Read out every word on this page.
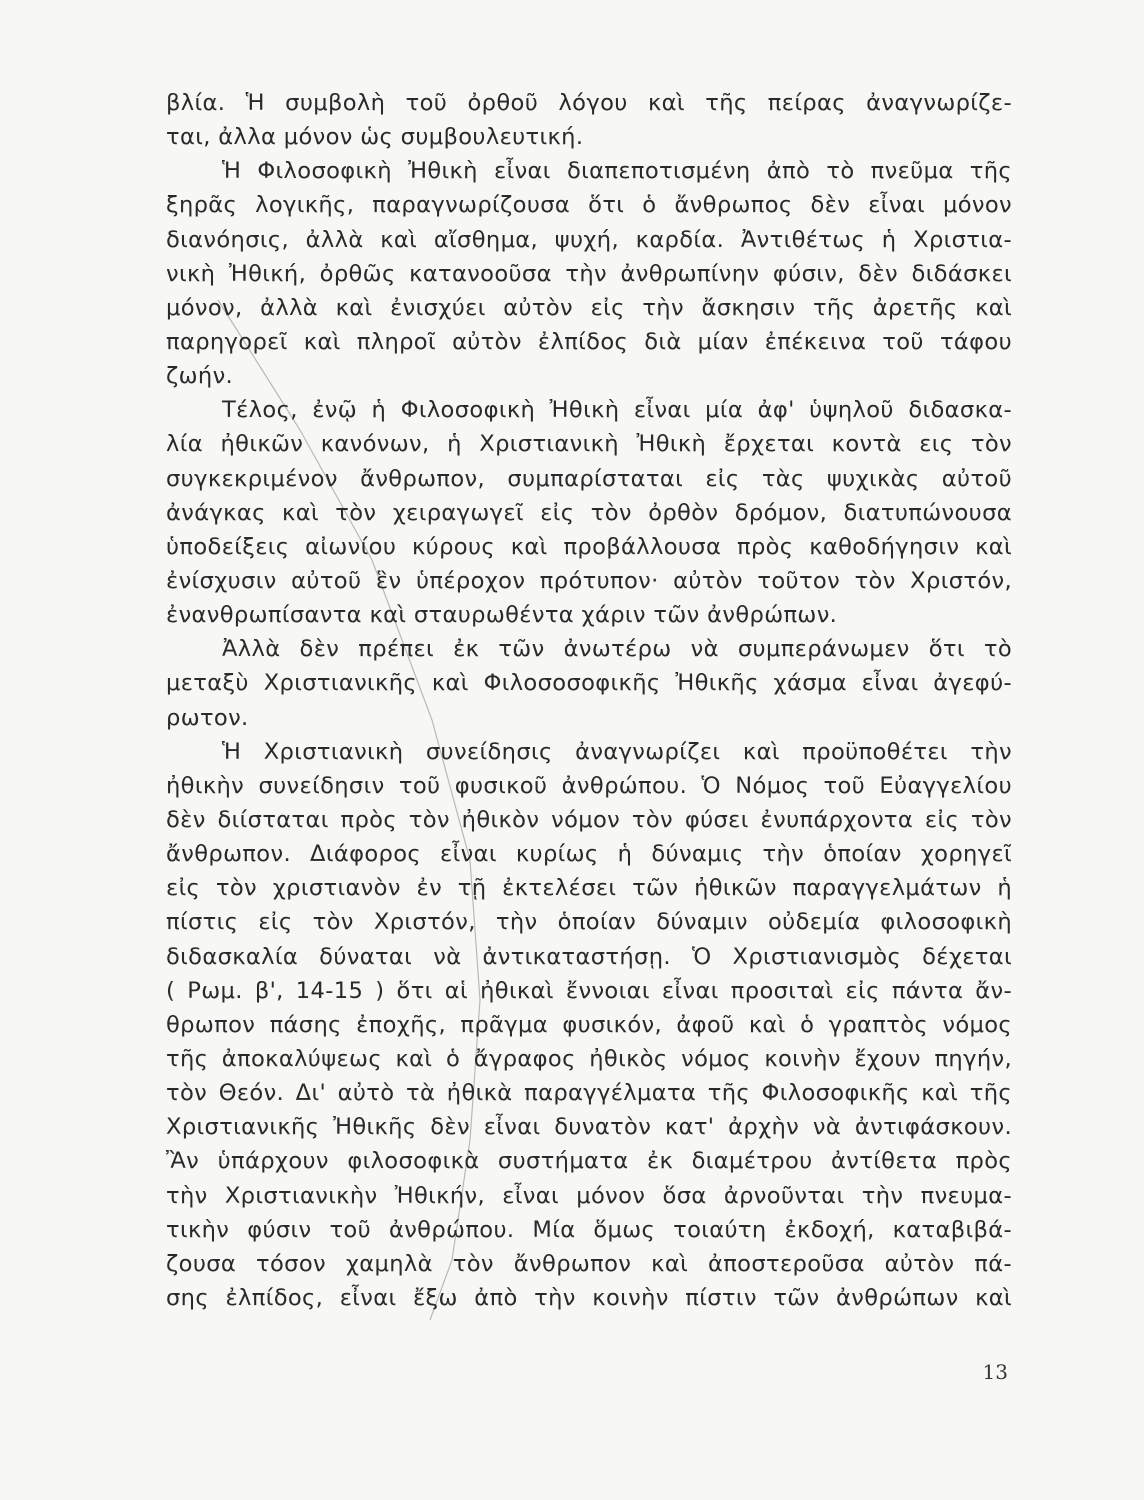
βλία. Ἡ συμβολὴ τοῦ ὀρθοῦ λόγου καὶ τῆς πείρας ἀναγνωρίζε-
ται, ἀλλα μόνον ὡς συμβουλευτική.
Ἡ Φιλοσοφικὴ Ἠθικὴ εἶναι διαπεποτισμένη ἀπὸ τὸ πνεῦμα τῆς
ξηρᾶς λογικῆς, παραγνωρίζουσα ὅτι ὁ ἄνθρωπος δὲν εἶναι μόνον
διανόησις, ἀλλὰ καὶ αἴσθημα, ψυχή, καρδία. Ἀντιθέτως ἡ Χριστια-
νικὴ Ἠθική, ὀρθῶς κατανοοῦσα τὴν ἀνθρωπίνην φύσιν, δὲν διδάσκει
μόνον, ἀλλὰ καὶ ἐνισχύει αὐτὸν εἰς τὴν ἄσκησιν τῆς ἀρετῆς καὶ
παρηγορεῖ καὶ πληροῖ αὐτὸν ἐλπίδος διὰ μίαν ἐπέκεινα τοῦ τάφου
ζωήν.
Τέλος, ἐνῷ ἡ Φιλοσοφικὴ Ἠθικὴ εἶναι μία ἀφ' ὑψηλοῦ διδασκα-
λία ἠθικῶν κανόνων, ἡ Χριστιανικὴ Ἠθικὴ ἔρχεται κοντὰ εις τὸν
συγκεκριμένον ἄνθρωπον, συμπαρίσταται εἰς τὰς ψυχικὰς αὐτοῦ
ἀνάγκας καὶ τὸν χειραγωγεῖ εἰς τὸν ὀρθὸν δρόμον, διατυπώνουσα
ὑποδείξεις αἰωνίου κύρους καὶ προβάλλουσα πρὸς καθοδήγησιν καὶ
ἐνίσχυσιν αὐτοῦ ἓν ὑπέροχον πρότυπον· αὐτὸν τοῦτον τὸν Χριστόν,
ἐνανθρωπίσαντα καὶ σταυρωθέντα χάριν τῶν ἀνθρώπων.
Ἀλλὰ δὲν πρέπει ἐκ τῶν ἀνωτέρω νὰ συμπεράνωμεν ὅτι τὸ
μεταξὺ Χριστιανικῆς καὶ Φιλοσοσοφικῆς Ἠθικῆς χάσμα εἶναι ἀγεφύ-
ρωτον.
Ἡ Χριστιανικὴ συνείδησις ἀναγνωρίζει καὶ προϋποθέτει τὴν
ἠθικὴν συνείδησιν τοῦ φυσικοῦ ἀνθρώπου. Ὁ Νόμος τοῦ Εὐαγγελίου
δὲν διίσταται πρὸς τὸν ἠθικὸν νόμον τὸν φύσει ἐνυπάρχοντα εἰς τὸν
ἄνθρωπον. Διάφορος εἶναι κυρίως ἡ δύναμις τὴν ὁποίαν χορηγεῖ
εἰς τὸν χριστιανὸν ἐν τῇ ἐκτελέσει τῶν ἠθικῶν παραγγελμάτων ἡ
πίστις εἰς τὸν Χριστόν, τὴν ὁποίαν δύναμιν οὐδεμία φιλοσοφικὴ
διδασκαλία δύναται νὰ ἀντικαταστήσῃ. Ὁ Χριστιανισμὸς δέχεται
( Ρωμ. β', 14-15 ) ὅτι αἱ ἠθικαὶ ἔννοιαι εἶναι προσιταὶ εἰς πάντα ἄν-
θρωπον πάσης ἐποχῆς, πρᾶγμα φυσικόν, ἀφοῦ καὶ ὁ γραπτὸς νόμος
τῆς ἀποκαλύψεως καὶ ὁ ἄγραφος ἠθικὸς νόμος κοινὴν ἔχουν πηγήν,
τὸν Θεόν. Δι' αὐτὸ τὰ ἠθικὰ παραγγέλματα τῆς Φιλοσοφικῆς καὶ τῆς
Χριστιανικῆς Ἠθικῆς δὲν εἶναι δυνατὸν κατ' ἀρχὴν νὰ ἀντιφάσκουν.
Ἂν ὑπάρχουν φιλοσοφικὰ συστήματα ἐκ διαμέτρου ἀντίθετα πρὸς
τὴν Χριστιανικὴν Ἠθικήν, εἶναι μόνον ὅσα ἀρνοῦνται τὴν πνευμα-
τικὴν φύσιν τοῦ ἀνθρώπου. Μία ὅμως τοιαύτη ἐκδοχή, καταβιβά-
ζουσα τόσον χαμηλὰ τὸν ἄνθρωπον καὶ ἀποστεροῦσα αὐτὸν πά-
σης ἐλπίδος, εἶναι ἔξω ἀπὸ τὴν κοινὴν πίστιν τῶν ἀνθρώπων καὶ
13
